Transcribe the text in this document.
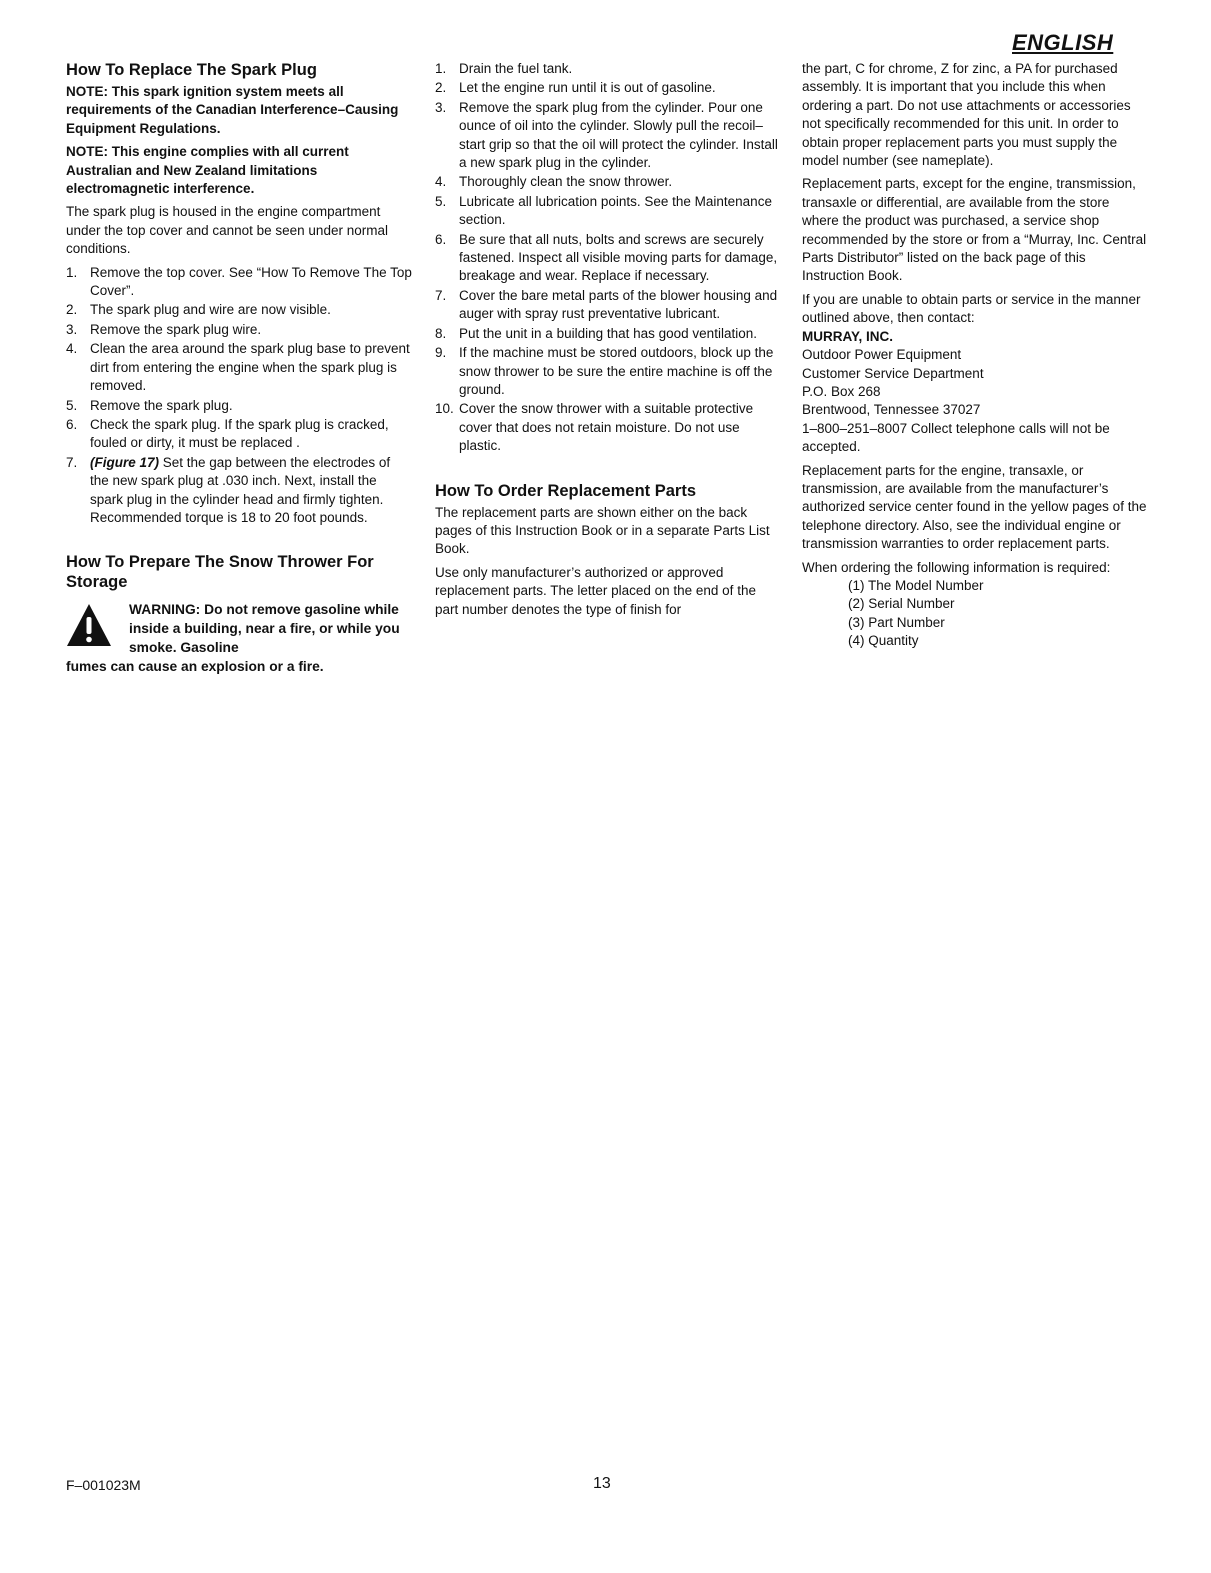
ENGLISH
How To Replace The Spark Plug

NOTE: This spark ignition system meets all requirements of the Canadian Interference–Causing Equipment Regulations.

NOTE: This engine complies with all current Australian and New Zealand limitations electromagnetic interference.

The spark plug is housed in the engine compartment under the top cover and cannot be seen under normal conditions.

1. Remove the top cover. See “How To Remove The Top Cover”.
2. The spark plug and wire are now visible.
3. Remove the spark plug wire.
4. Clean the area around the spark plug base to prevent dirt from entering the engine when the spark plug is removed.
5. Remove the spark plug.
6. Check the spark plug. If the spark plug is cracked, fouled or dirty, it must be replaced .
7. (Figure 17) Set the gap between the electrodes of the new spark plug at .030 inch. Next, install the spark plug in the cylinder head and firmly tighten. Recommended torque is 18 to 20 foot pounds.
How To Prepare The Snow Thrower For Storage
WARNING: Do not remove gasoline while inside a building, near a fire, or while you smoke. Gasoline

fumes can cause an explosion or a fire.

1. Drain the fuel tank.
2. Let the engine run until it is out of gasoline.
3. Remove the spark plug from the cylinder. Pour one ounce of oil into the cylinder. Slowly pull the recoil–start grip so that the oil will protect the cylinder. Install a new spark plug in the cylinder.
4. Thoroughly clean the snow thrower.
5. Lubricate all lubrication points. See the Maintenance section.
6. Be sure that all nuts, bolts and screws are securely fastened. Inspect all visible moving parts for damage, breakage and wear. Replace if necessary.
7. Cover the bare metal parts of the blower housing and auger with spray rust preventative lubricant.
8. Put the unit in a building that has good ventilation.
9. If the machine must be stored outdoors, block up the snow thrower to be sure the entire machine is off the ground.
10. Cover the snow thrower with a suitable protective cover that does not retain moisture. Do not use plastic.
How To Order Replacement Parts

The replacement parts are shown either on the back pages of this Instruction Book or in a separate Parts List Book.

Use only manufacturer’s authorized or approved replacement parts. The letter placed on the end of the part number denotes the type of finish for

the part, C for chrome, Z for zinc, a PA for purchased assembly. It is important that you include this when ordering a part. Do not use attachments or accessories not specifically recommended for this unit. In order to obtain proper replacement parts you must supply the model number (see nameplate).

Replacement parts, except for the engine, transmission, transaxle or differential, are available from the store where the product was purchased, a service shop recommended by the store or from a “Murray, Inc. Central Parts Distributor” listed on the back page of this Instruction Book.

If you are unable to obtain parts or service in the manner outlined above, then contact:

MURRAY, INC.

Outdoor Power Equipment

Customer Service Department

P.O. Box 268

Brentwood, Tennessee 37027

1–800–251–8007 Collect telephone calls will not be accepted.

Replacement parts for the engine, transaxle, or transmission, are available from the manufacturer’s authorized service center found in the yellow pages of the telephone directory. Also, see the individual engine or transmission warranties to order replacement parts.

When ordering the following information is required:

(1) The Model Number
(2) Serial Number
(3) Part Number
(4) Quantity
F–001023M	13
